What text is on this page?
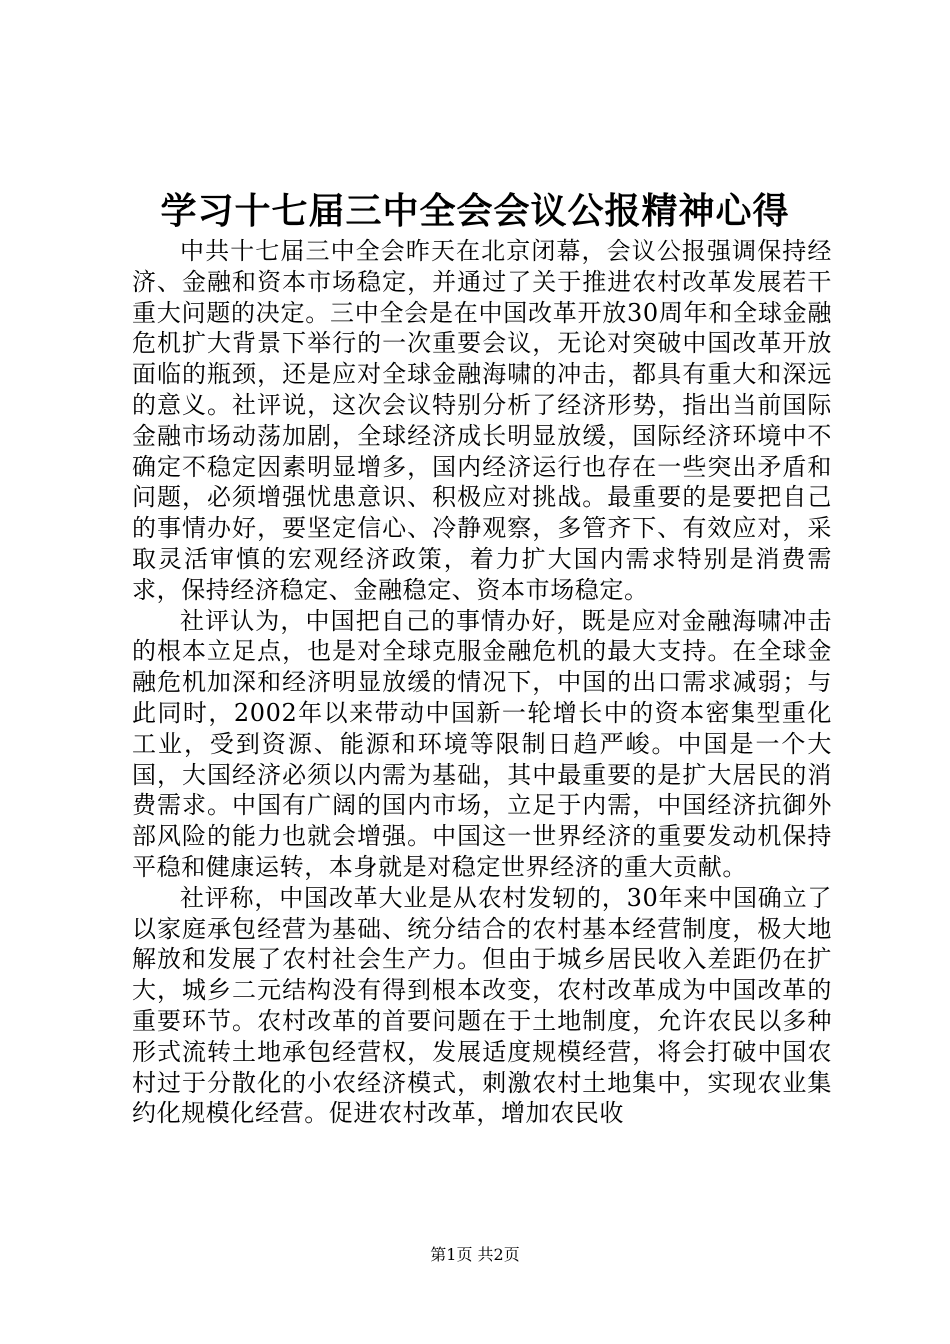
学习十七届三中全会会议公报精神心得

中共十七届三中全会昨天在北京闭幕，会议公报强调保持经济、金融和资本市场稳定，并通过了关于推进农村改革发展若干重大问题的决定。三中全会是在中国改革开放30周年和全球金融危机扩大背景下举行的一次重要会议，无论对突破中国改革开放面临的瓶颈，还是应对全球金融海啸的冲击，都具有重大和深远的意义。社评说，这次会议特别分析了经济形势，指出当前国际金融市场动荡加剧，全球经济成长明显放缓，国际经济环境中不确定不稳定因素明显增多，国内经济运行也存在一些突出矛盾和问题，必须增强忧患意识、积极应对挑战。最重要的是要把自己的事情办好，要坚定信心、冷静观察，多管齐下、有效应对，采取灵活审慎的宏观经济政策，着力扩大国内需求特别是消费需求，保持经济稳定、金融稳定、资本市场稳定。

社评认为，中国把自己的事情办好，既是应对金融海啸冲击的根本立足点，也是对全球克服金融危机的最大支持。在全球金融危机加深和经济明显放缓的情况下，中国的出口需求减弱；与此同时，2002年以来带动中国新一轮增长中的资本密集型重化工业，受到资源、能源和环境等限制日趋严峻。中国是一个大国，大国经济必须以内需为基础，其中最重要的是扩大居民的消费需求。中国有广阔的国内市场，立足于内需，中国经济抗御外部风险的能力也就会增强。中国这一世界经济的重要发动机保持平稳和健康运转，本身就是对稳定世界经济的重大贡献。

社评称，中国改革大业是从农村发轫的，30年来中国确立了以家庭承包经营为基础、统分结合的农村基本经营制度，极大地解放和发展了农村社会生产力。但由于城乡居民收入差距仍在扩大，城乡二元结构没有得到根本改变，农村改革成为中国改革的重要环节。农村改革的首要问题在于土地制度，允许农民以多种形式流转土地承包经营权，发展适度规模经营，将会打破中国农村过于分散化的小农经济模式，刺激农村土地集中，实现农业集约化规模化经营。促进农村改革，增加农民收

第1页 共2页
